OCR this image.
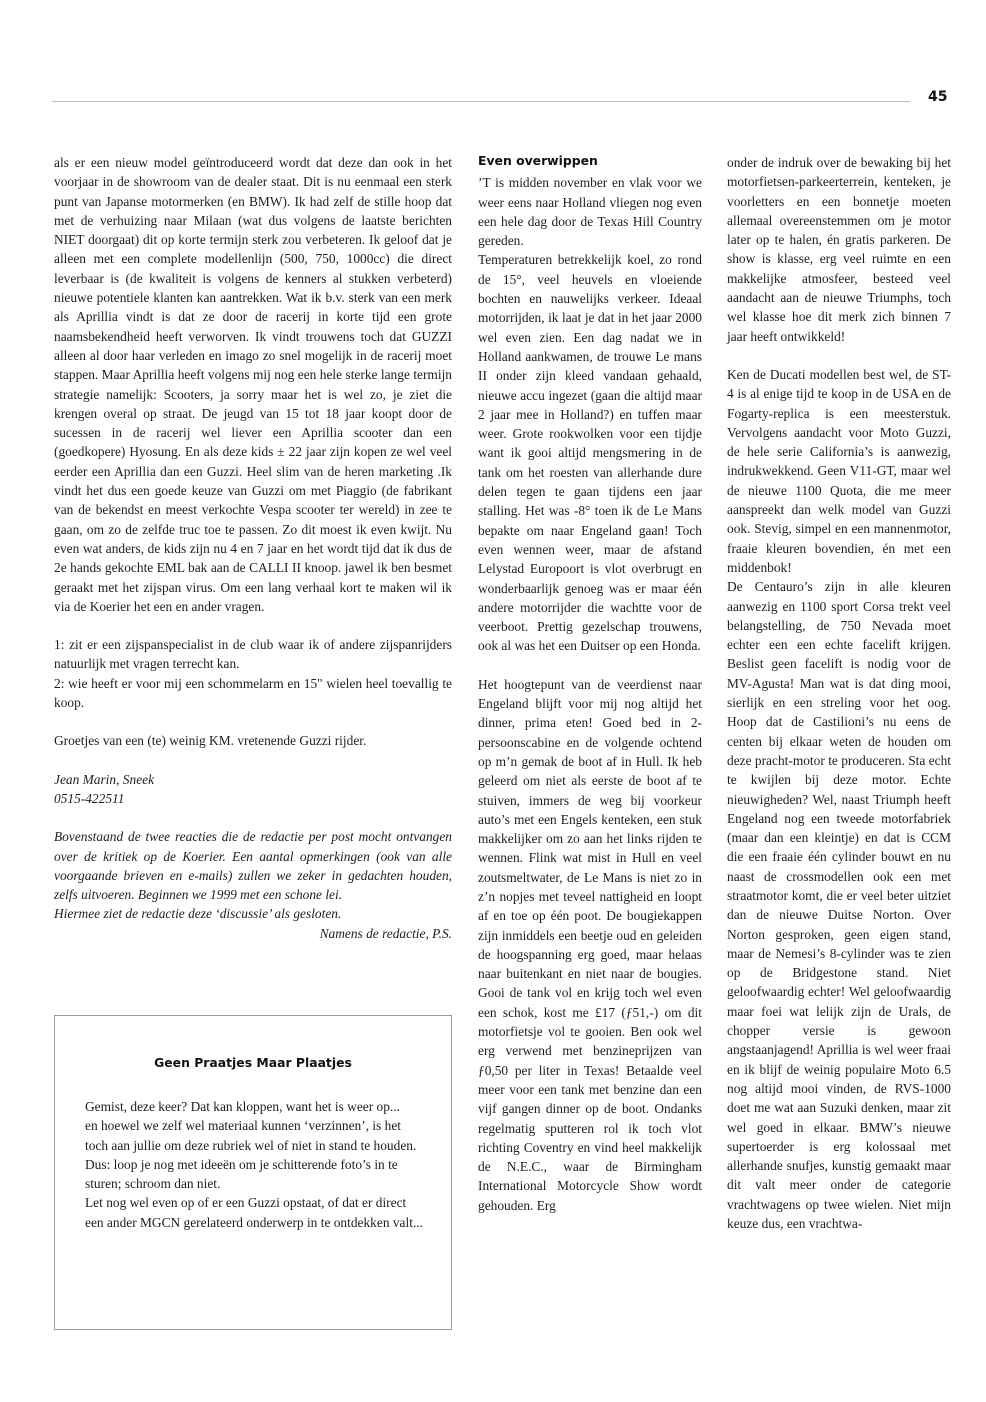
45

als er een nieuw model geïntroduceerd wordt dat deze dan ook in het voorjaar in de showroom van de dealer staat. Dit is nu eenmaal een sterk punt van Japanse motormerken (en BMW). Ik had zelf de stille hoop dat met de verhuizing naar Milaan (wat dus volgens de laatste berichten NIET doorgaat) dit op korte termijn sterk zou verbeteren. Ik geloof dat je alleen met een complete modellenlijn (500, 750, 1000cc) die direct leverbaar is (de kwaliteit is volgens de kenners al stukken verbeterd) nieuwe potentiele klanten kan aantrekken. Wat ik b.v. sterk van een merk als Aprillia vindt is dat ze door de racerij in korte tijd een grote naamsbekendheid heeft verworven. Ik vindt trouwens toch dat GUZZI alleen al door haar verleden en imago zo snel mogelijk in de racerij moet stappen. Maar Aprillia heeft volgens mij nog een hele sterke lange termijn strategie namelijk: Scooters, ja sorry maar het is wel zo, je ziet die krengen overal op straat. De jeugd van 15 tot 18 jaar koopt door de sucessen in de racerij wel liever een Aprillia scooter dan een (goedkopere) Hyosung. En als deze kids ± 22 jaar zijn kopen ze wel veel eerder een Aprillia dan een Guzzi. Heel slim van de heren marketing .Ik vindt het dus een goede keuze van Guzzi om met Piaggio (de fabrikant van de bekendst en meest verkochte Vespa scooter ter wereld) in zee te gaan, om zo de zelfde truc toe te passen. Zo dit moest ik even kwijt. Nu even wat anders, de kids zijn nu 4 en 7 jaar en het wordt tijd dat ik dus de 2e hands gekochte EML bak aan de CALLI II knoop. jawel ik ben besmet geraakt met het zijspan virus. Om een lang verhaal kort te maken wil ik via de Koerier het een en ander vragen.

1: zit er een zijspanspecialist in de club waar ik of andere zijspanrijders natuurlijk met vragen terrecht kan.

2: wie heeft er voor mij een schommelarm en 15" wielen heel toevallig te koop.

Groetjes van een (te) weinig KM. vretenende Guzzi rijder.

Jean Marin, Sneek

0515-422511

Bovenstaand de twee reacties die de redactie per post mocht ontvangen over de kritiek op de Koerier. Een aantal opmerkingen (ook van alle voorgaande brieven en e-mails) zullen we zeker in gedachten houden, zelfs uitvoeren. Beginnen we 1999 met een schone lei.

Hiermee ziet de redactie deze ‘discussie’ als gesloten.

Namens de redactie, P.S.

Geen Praatjes Maar Plaatjes

Gemist, deze keer? Dat kan kloppen, want het is weer op...

en hoewel we zelf wel materiaal kunnen ‘verzinnen’, is het toch aan jullie om deze rubriek wel of niet in stand te houden.

Dus: loop je nog met ideeën om je schitterende foto’s in te sturen; schroom dan niet.

Let nog wel even op of er een Guzzi opstaat, of dat er direct een ander MGCN gerelateerd onderwerp in te ontdekken valt...

Even overwippen

’T is midden november en vlak voor we weer eens naar Holland vliegen nog even een hele dag door de Texas Hill Country gereden.

Temperaturen betrekkelijk koel, zo rond de 15°, veel heuvels en vloeiende bochten en nauwelijks verkeer. Ideaal motorrijden, ik laat je dat in het jaar 2000 wel even zien. Een dag nadat we in Holland aankwamen, de trouwe Le mans II onder zijn kleed vandaan gehaald, nieuwe accu ingezet (gaan die altijd maar 2 jaar mee in Holland?) en tuffen maar weer. Grote rookwolken voor een tijdje want ik gooi altijd mengsmering in de tank om het roesten van allerhande dure delen tegen te gaan tijdens een jaar stalling. Het was -8° toen ik de Le Mans bepakte om naar Engeland gaan! Toch even wennen weer, maar de afstand Lelystad Europoort is vlot overbrugt en wonderbaarlijk genoeg was er maar één andere motorrijder die wachtte voor de veerboot. Prettig gezelschap trouwens, ook al was het een Duitser op een Honda.

Het hoogtepunt van de veerdienst naar Engeland blijft voor mij nog altijd het dinner, prima eten! Goed bed in 2-persoonscabine en de volgende ochtend op m’n gemak de boot af in Hull. Ik heb geleerd om niet als eerste de boot af te stuiven, immers de weg bij voorkeur auto’s met een Engels kenteken, een stuk makkelijker om zo aan het links rijden te wennen. Flink wat mist in Hull en veel zoutsmeltwater, de Le Mans is niet zo in z’n nopjes met teveel nattigheid en loopt af en toe op één poot. De bougiekappen zijn inmiddels een beetje oud en geleiden de hoogspanning erg goed, maar helaas naar buitenkant en niet naar de bougies. Gooi de tank vol en krijg toch wel even een schok, kost me £17 (ƒ51,-) om dit motorfietsje vol te gooien. Ben ook wel erg verwend met benzineprijzen van ƒ0,50 per liter in Texas! Betaalde veel meer voor een tank met benzine dan een vijf gangen dinner op de boot. Ondanks regelmatig sputteren rol ik toch vlot richting Coventry en vind heel makkelijk de N.E.C., waar de Birmingham International Motorcycle Show wordt gehouden. Erg

onder de indruk over de bewaking bij het motorfietsen-parkeerterrein, kenteken, je voorletters en een bonnetje moeten allemaal overeenstemmen om je motor later op te halen, én gratis parkeren. De show is klasse, erg veel ruimte en een makkelijke atmosfeer, besteed veel aandacht aan de nieuwe Triumphs, toch wel klasse hoe dit merk zich binnen 7 jaar heeft ontwikkeld!

Ken de Ducati modellen best wel, de ST-4 is al enige tijd te koop in de USA en de Fogarty-replica is een meesterstuk. Vervolgens aandacht voor Moto Guzzi, de hele serie California’s is aanwezig, indrukwekkend. Geen V11-GT, maar wel de nieuwe 1100 Quota, die me meer aanspreekt dan welk model van Guzzi ook. Stevig, simpel en een mannenmotor, fraaie kleuren bovendien, én met een middenbok!

De Centauro’s zijn in alle kleuren aanwezig en 1100 sport Corsa trekt veel belangstelling, de 750 Nevada moet echter een een echte facelift krijgen. Beslist geen facelift is nodig voor de MV-Agusta! Man wat is dat ding mooi, sierlijk en een streling voor het oog. Hoop dat de Castilioni’s nu eens de centen bij elkaar weten de houden om deze pracht-motor te produceren. Sta echt te kwijlen bij deze motor. Echte nieuwigheden? Wel, naast Triumph heeft Engeland nog een tweede motorfabriek (maar dan een kleintje) en dat is CCM die een fraaie één cylinder bouwt en nu naast de crossmodellen ook een met straatmotor komt, die er veel beter uitziet dan de nieuwe Duitse Norton. Over Norton gesproken, geen eigen stand, maar de Nemesi’s 8-cylinder was te zien op de Bridgestone stand. Niet geloofwaardig echter! Wel geloofwaardig maar foei wat lelijk zijn de Urals, de chopper versie is gewoon angstaanjagend! Aprillia is wel weer fraai en ik blijf de weinig populaire Moto 6.5 nog altijd mooi vinden, de RVS-1000 doet me wat aan Suzuki denken, maar zit wel goed in elkaar. BMW’s nieuwe supertoerder is erg kolossaal met allerhande snufjes, kunstig gemaakt maar dit valt meer onder de categorie vrachtwagens op twee wielen. Niet mijn keuze dus, een vrachtwa-
